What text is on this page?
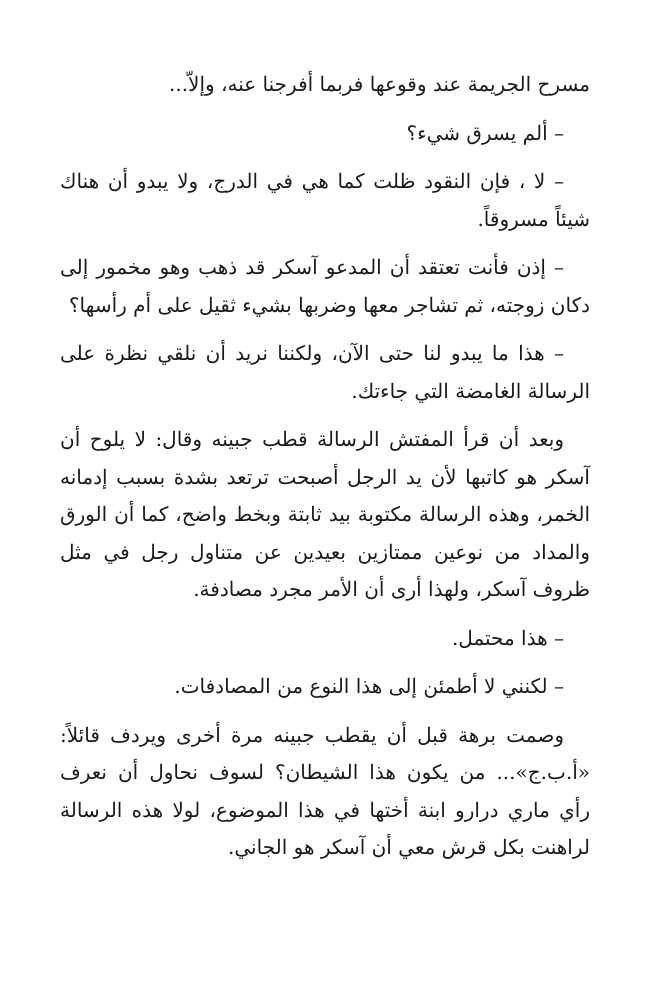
مسرح الجريمة عند وقوعها فربما أفرجنا عنه، وإلاّ...

– ألم يسرق شيء؟

– لا ، فإن النقود ظلت كما هي في الدرج، ولا يبدو أن هناك شيئاً مسروقاً.

– إذن فأنت تعتقد أن المدعو آسكر قد ذهب وهو مخمور إلى دكان زوجته، ثم تشاجر معها وضربها بشيء ثقيل على أم رأسها؟

– هذا ما يبدو لنا حتى الآن، ولكننا نريد أن نلقي نظرة على الرسالة الغامضة التي جاءتك.

وبعد أن قرأ المفتش الرسالة قطب جبينه وقال: لا يلوح أن آسكر هو كاتبها لأن يد الرجل أصبحت ترتعد بشدة بسبب إدمانه الخمر، وهذه الرسالة مكتوبة بيد ثابتة وبخط واضح، كما أن الورق والمداد من نوعين ممتازين بعيدين عن متناول رجل في مثل ظروف آسكر، ولهذا أرى أن الأمر مجرد مصادفة.

– هذا محتمل.

– لكنني لا أطمئن إلى هذا النوع من المصادفات.

وصمت برهة قبل أن يقطب جبينه مرة أخرى ويردف قائلاً: «أ.ب.ج»... من يكون هذا الشيطان؟ لسوف نحاول أن نعرف رأي ماري درارو ابنة أختها في هذا الموضوع، لولا هذه الرسالة لراهنت بكل قرش معي أن آسكر هو الجاني.
